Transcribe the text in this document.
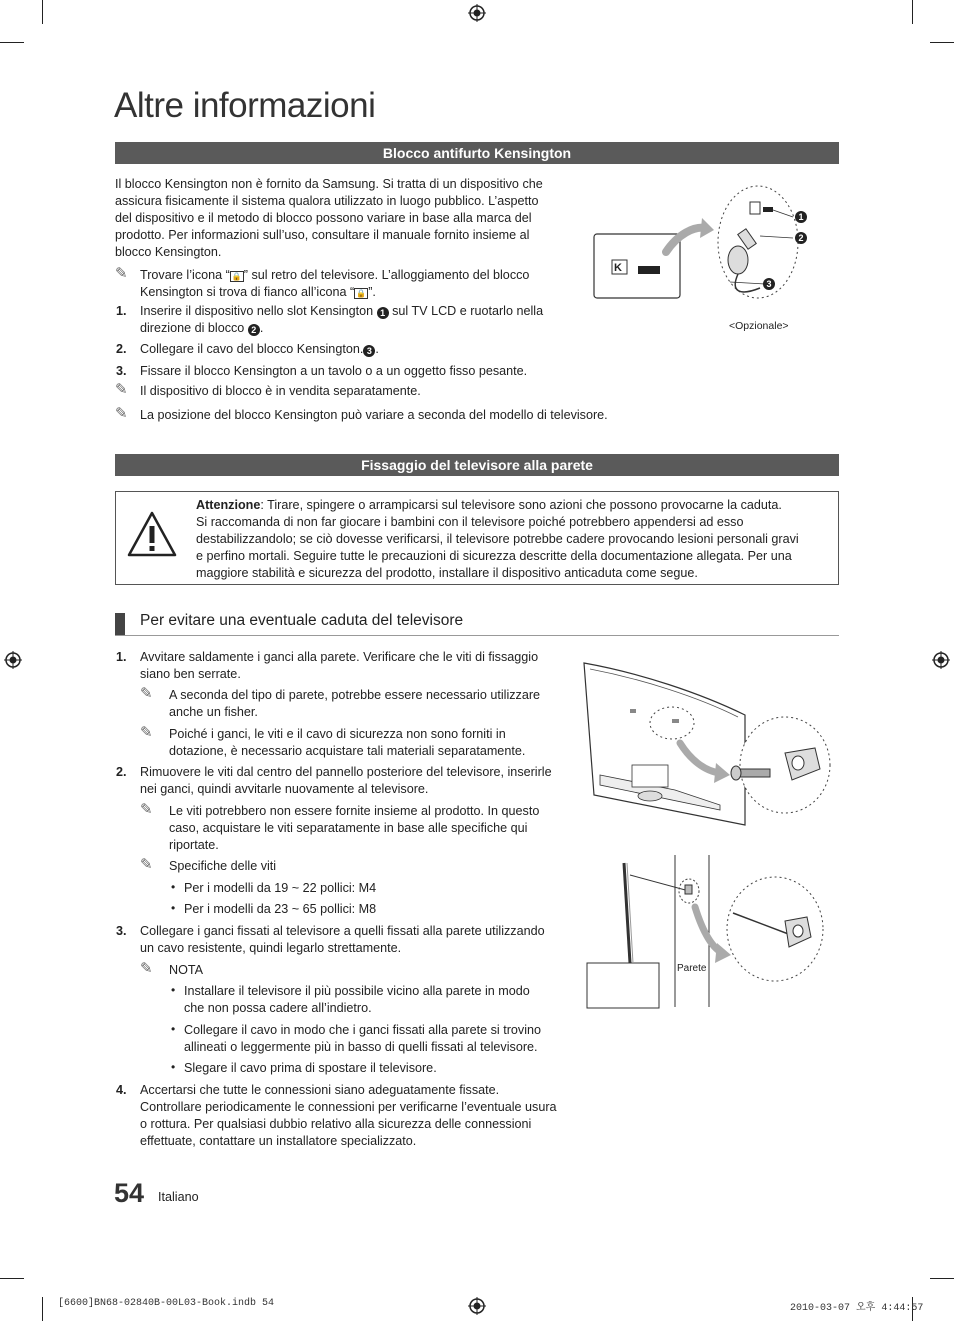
Altre informazioni
Blocco antifurto Kensington
Il blocco Kensington non è fornito da Samsung. Si tratta di un dispositivo che
assicura fisicamente il sistema qualora utilizzato in luogo pubblico. L’aspetto
del dispositivo e il metodo di blocco possono variare in base alla marca del
prodotto. Per informazioni sull’uso, consultare il manuale fornito insieme al
blocco Kensington.
✎ Trovare l’icona “ 🔒 ” sul retro del televisore. L’alloggiamento del blocco
Kensington si trova di fianco all’icona “ 🔒 ”.
1. Inserire il dispositivo nello slot Kensington 1 sul TV LCD e ruotarlo nella
direzione di blocco 2 .
2. Collegare il cavo del blocco Kensington. 3 .
3. Fissare il blocco Kensington a un tavolo o a un oggetto fisso pesante.
✎ Il dispositivo di blocco è in vendita separatamente.
✎ La posizione del blocco Kensington può variare a seconda del modello di televisore.
K
1
2
3
<Opzionale>
Fissaggio del televisore alla parete
Attenzione: Tirare, spingere o arrampicarsi sul televisore sono azioni che possono provocarne la caduta.
Si raccomanda di non far giocare i bambini con il televisore poiché potrebbero appendersi ad esso
destabilizzandolo; se ciò dovesse verificarsi, il televisore potrebbe cadere provocando lesioni personali gravi
e perfino mortali. Seguire tutte le precauzioni di sicurezza descritte della documentazione allegata. Per una
maggiore stabilità e sicurezza del prodotto, installare il dispositivo anticaduta come segue.
Per evitare una eventuale caduta del televisore
1. Avvitare saldamente i ganci alla parete. Verificare che le viti di fissaggio
siano ben serrate.
✎ A seconda del tipo di parete, potrebbe essere necessario utilizzare
anche un fisher.
✎ Poiché i ganci, le viti e il cavo di sicurezza non sono forniti in
dotazione, è necessario acquistare tali materiali separatamente.
2. Rimuovere le viti dal centro del pannello posteriore del televisore, inserirle
nei ganci, quindi avvitarle nuovamente al televisore.
✎ Le viti potrebbero non essere fornite insieme al prodotto. In questo
caso, acquistare le viti separatamente in base alle specifiche qui
riportate.
✎ Specifiche delle viti
• Per i modelli da 19 ~ 22 pollici: M4
• Per i modelli da 23 ~ 65 pollici: M8
3. Collegare i ganci fissati al televisore a quelli fissati alla parete utilizzando
un cavo resistente, quindi legarlo strettamente.
✎ NOTA
• Installare il televisore il più possibile vicino alla parete in modo
che non possa cadere all’indietro.
• Collegare il cavo in modo che i ganci fissati alla parete si trovino
allineati o leggermente più in basso di quelli fissati al televisore.
• Slegare il cavo prima di spostare il televisore.
4. Accertarsi che tutte le connessioni siano adeguatamente fissate.
Controllare periodicamente le connessioni per verificarne l’eventuale usura
o rottura. Per qualsiasi dubbio relativo alla sicurezza delle connessioni
effettuate, contattare un installatore specializzato.
Parete
54 Italiano
[6600]BN68-02840B-00L03-Book.indb 54	2010-03-07 오후 4:44:57
